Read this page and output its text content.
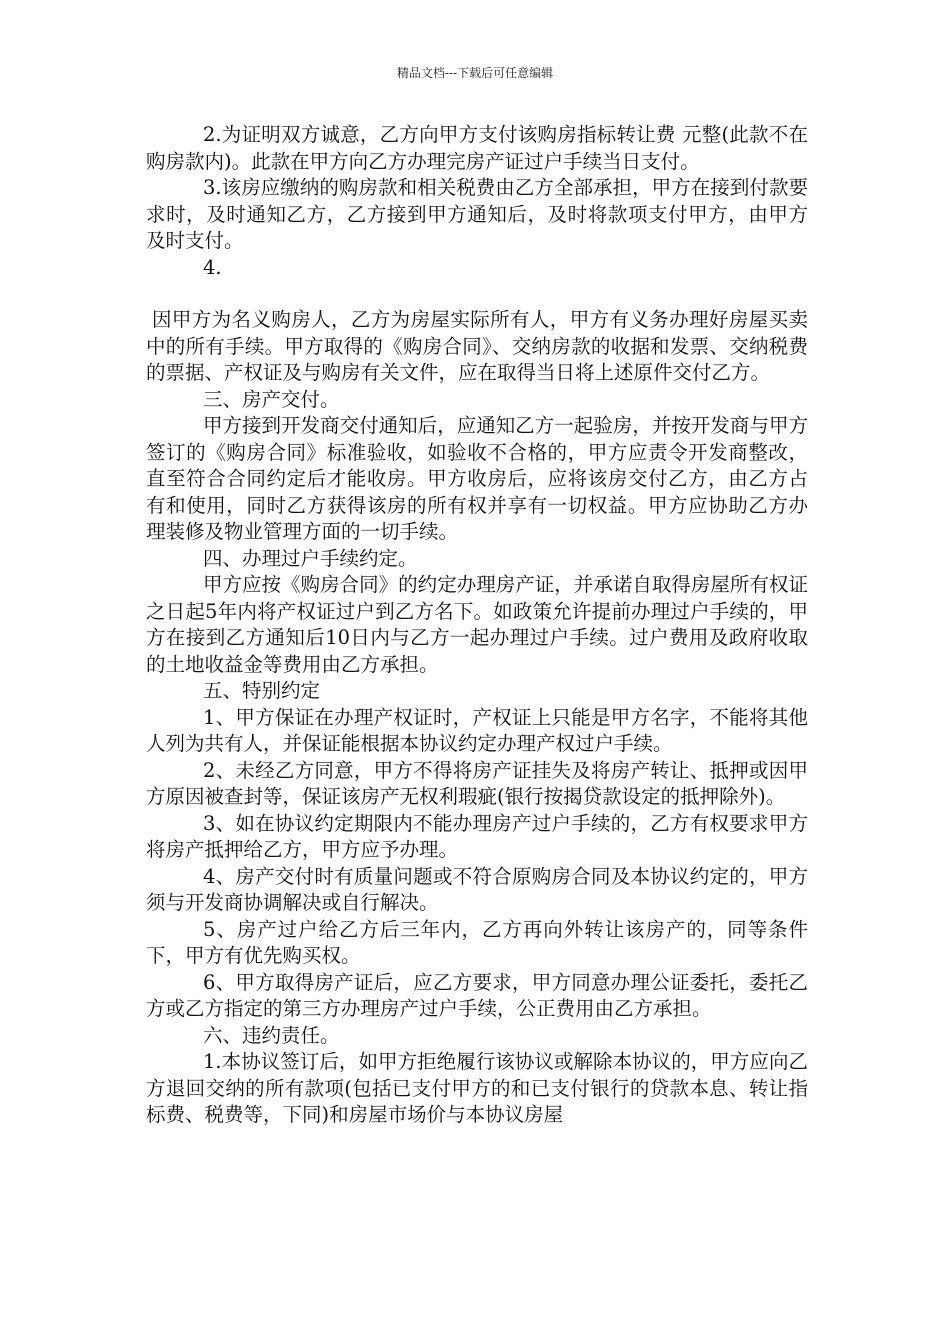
精品文档---下载后可任意编辑

2.为证明双方诚意，乙方向甲方支付该购房指标转让费 元整(此款不在购房款内)。此款在甲方向乙方办理完房产证过户手续当日支付。

3.该房应缴纳的购房款和相关税费由乙方全部承担，甲方在接到付款要求时，及时通知乙方，乙方接到甲方通知后，及时将款项支付甲方，由甲方及时支付。

4.

因甲方为名义购房人，乙方为房屋实际所有人，甲方有义务办理好房屋买卖中的所有手续。甲方取得的《购房合同》、交纳房款的收据和发票、交纳税费的票据、产权证及与购房有关文件，应在取得当日将上述原件交付乙方。

三、房产交付。

甲方接到开发商交付通知后，应通知乙方一起验房，并按开发商与甲方签订的《购房合同》标准验收，如验收不合格的，甲方应责令开发商整改，直至符合合同约定后才能收房。甲方收房后，应将该房交付乙方，由乙方占有和使用，同时乙方获得该房的所有权并享有一切权益。甲方应协助乙方办理装修及物业管理方面的一切手续。

四、办理过户手续约定。

甲方应按《购房合同》的约定办理房产证，并承诺自取得房屋所有权证之日起5年内将产权证过户到乙方名下。如政策允许提前办理过户手续的，甲方在接到乙方通知后10日内与乙方一起办理过户手续。过户费用及政府收取的土地收益金等费用由乙方承担。

五、特别约定

1、甲方保证在办理产权证时，产权证上只能是甲方名字，不能将其他人列为共有人，并保证能根据本协议约定办理产权过户手续。

2、未经乙方同意，甲方不得将房产证挂失及将房产转让、抵押或因甲方原因被查封等，保证该房产无权利瑕疵(银行按揭贷款设定的抵押除外)。

3、如在协议约定期限内不能办理房产过户手续的，乙方有权要求甲方将房产抵押给乙方，甲方应予办理。

4、房产交付时有质量问题或不符合原购房合同及本协议约定的，甲方须与开发商协调解决或自行解决。

5、房产过户给乙方后三年内，乙方再向外转让该房产的，同等条件下，甲方有优先购买权。

6、甲方取得房产证后，应乙方要求，甲方同意办理公证委托，委托乙方或乙方指定的第三方办理房产过户手续，公正费用由乙方承担。

六、违约责任。

1.本协议签订后，如甲方拒绝履行该协议或解除本协议的，甲方应向乙方退回交纳的所有款项(包括已支付甲方的和已支付银行的贷款本息、转让指标费、税费等，下同)和房屋市场价与本协议房屋
